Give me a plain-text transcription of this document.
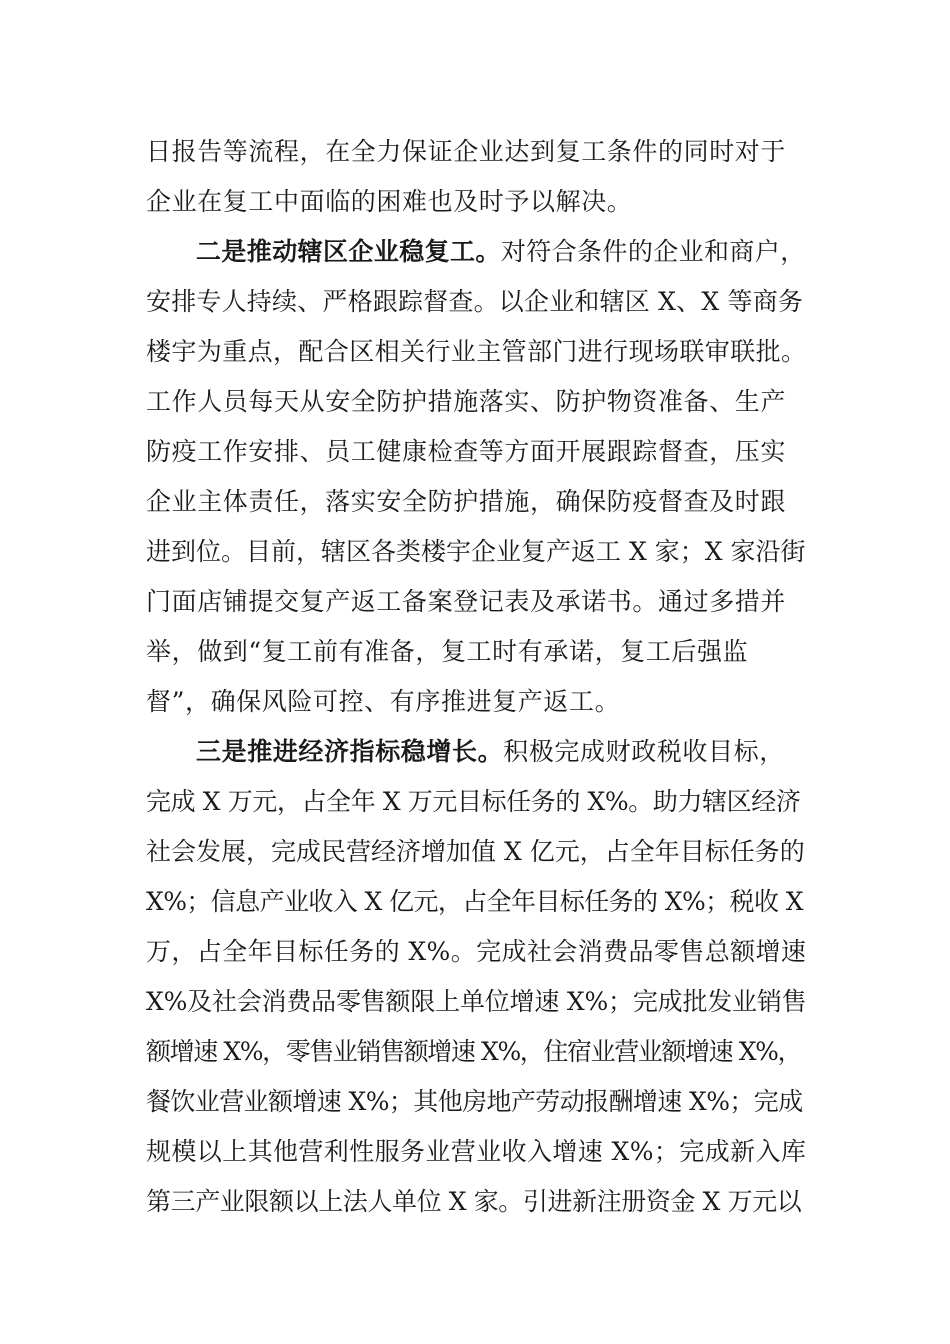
日报告等流程，在全力保证企业达到复工条件的同时对于
企业在复工中面临的困难也及时予以解决。
二是推动辖区企业稳复工。对符合条件的企业和商户，
安排专人持续、严格跟踪督查。以企业和辖区 X、X 等商务
楼宇为重点，配合区相关行业主管部门进行现场联审联批。
工作人员每天从安全防护措施落实、防护物资准备、生产
防疫工作安排、员工健康检查等方面开展跟踪督查，压实
企业主体责任，落实安全防护措施，确保防疫督查及时跟
进到位。目前，辖区各类楼宇企业复产返工 X 家；X 家沿街
门面店铺提交复产返工备案登记表及承诺书。通过多措并
举，做到“复工前有准备，复工时有承诺，复工后强监
督”，确保风险可控、有序推进复产返工。
三是推进经济指标稳增长。积极完成财政税收目标，
完成 X 万元，占全年 X 万元目标任务的 X%。助力辖区经济
社会发展，完成民营经济增加值 X 亿元，占全年目标任务的
X%；信息产业收入 X 亿元，占全年目标任务的 X%；税收 X
万，占全年目标任务的 X%。完成社会消费品零售总额增速
X%及社会消费品零售额限上单位增速 X%；完成批发业销售
额增速 X%，零售业销售额增速 X%，住宿业营业额增速 X%，
餐饮业营业额增速 X%；其他房地产劳动报酬增速 X%；完成
规模以上其他营利性服务业营业收入增速 X%；完成新入库
第三产业限额以上法人单位 X 家。引进新注册资金 X 万元以
